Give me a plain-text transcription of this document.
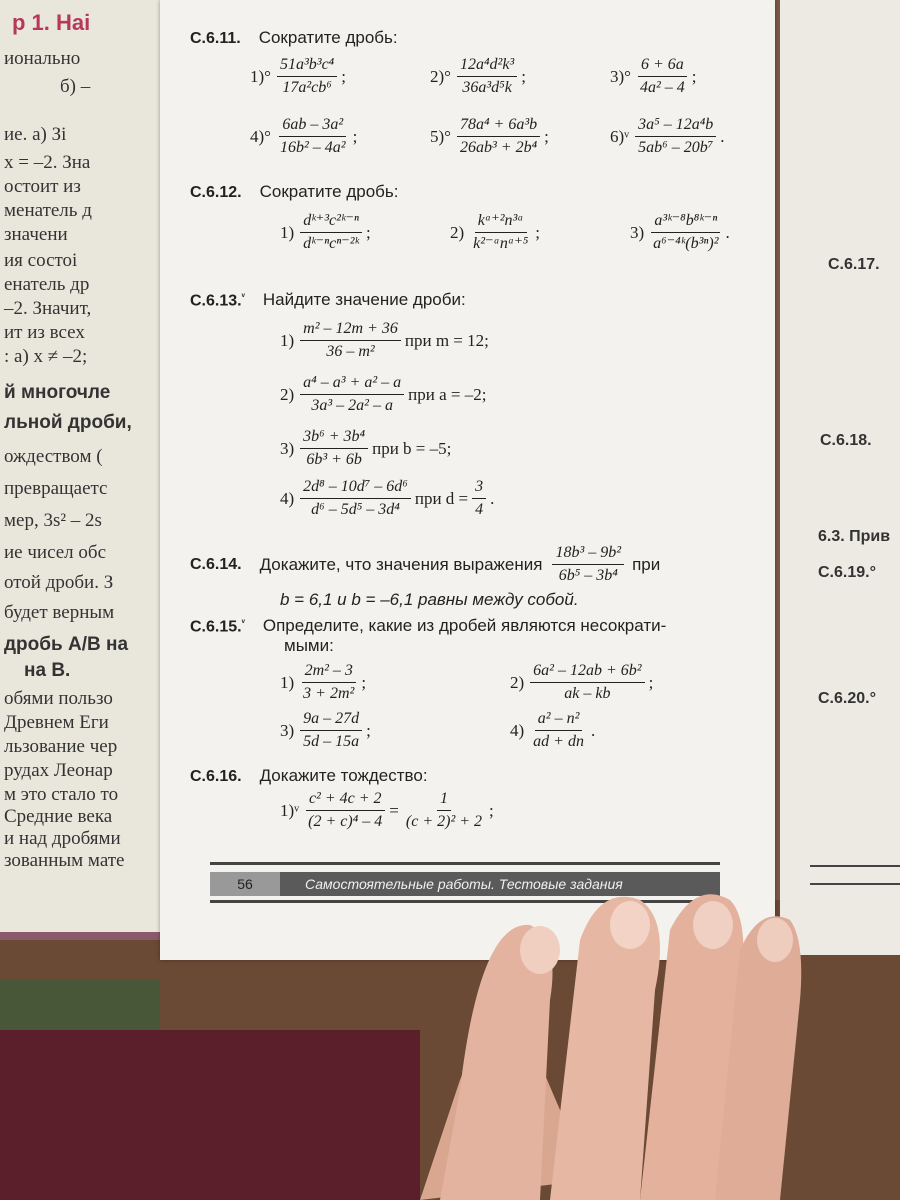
р 1. Наі
ионально
б) –
ие. а) Зі
x = –2. Зна
остоит из
менатель д
значени
ия состоі
енатель др
–2. Значит,
ит из всех
: а) x ≠ –2;
й многочле
льной дроби,
ождеством (
превращаетс
мер, 3s² – 2s
ие чисел обс
отой дроби. З
будет верным
дробь A/B на
на B.
обями пользо
Древнем Еги
льзование чер
рудах Леонар
м это стало то
Средние века
и над дробями
зованным мате
С.6.17.
С.6.18.
6.3. Прив
С.6.19.°
С.6.20.°
С.6.11. Сократите дробь:
$1)^\circ \frac{\text{51a³b³c⁴}}{\text{17a²cb⁶}}$ ;	$2)^\circ \frac{\text{12a⁴d²k³}}{\text{36a³d⁵k}}$ ;	$3)^\circ \frac{6 + 6a}{\text{4a² – 4}}$ ;
$4)^\circ \frac{\text{6ab – 3a²}}{\text{16b² – 4a²}}$ ;	$5)^\circ \frac{\text{78a⁴ + 6a³b}}{\text{26ab³ + 2b⁴}}$ ;	6)ᵛ $\frac{\text{3a⁵ – 12a⁴b}}{\text{5ab⁶ – 20b⁷}}$ .
С.6.12. Сократите дробь:
$1) \frac{\text{dᵏ⁺³c²ᵏ⁻ⁿ}}{\text{dᵏ⁻ⁿcⁿ⁻²ᵏ}}$ ;	$2) \frac{\text{kᵃ⁺²n³ᵃ}}{\text{k²⁻ᵃnᵃ⁺⁵}}$ ;	$3) \frac{\text{a³ᵏ⁻⁸b⁸ᵏ⁻ⁿ}}{\text{a⁶⁻⁴ᵏ(b³ⁿ)²}}$ .
С.6.13.$^ᵛ$ Найдите значение дроби:
$1) \frac{\text{m² – 12m + 36}}{\text{36 – m²}}$ при m = 12;
$2) \frac{\text{a⁴ – a³ + a² – a}}{\text{3a³ – 2a² – a}}$ при a = –2;
$3) \frac{\text{3b⁶ + 3b⁴}}{\text{6b³ + 6b}}$ при b = –5;
$4) \frac{\text{2d⁸ – 10d⁷ – 6d⁶}}{\text{d⁶ – 5d⁵ – 3d⁴}}$ при $d = \frac{3}{4}$ .
С.6.14. Докажите, что значения выражения $\frac{\text{18b³ – 9b²}}{\text{6b⁵ – 3b⁴}}$ при
b = 6,1 и b = –6,1 равны между собой.
С.6.15.$^ᵛ$ Определите, какие из дробей являются несократи-
мыми:
$1) \frac{\text{2m² – 3}}{\text{3 + 2m²}}$ ;	$2) \frac{\text{6a² – 12ab + 6b²}}{ak - kb}$ ;
$3) \frac{9a - 27d}{5d - 15a}$ ;	$4) \frac{\text{a² – n²}}{ad + dn}$ .
С.6.16. Докажите тождество:
1)ᵛ $\frac{\text{c² + 4c + 2}}{\text{(2 + c)⁴ – 4}} = \frac{1}{\text{(c + 2)² + 2}}$ ;
56	Самостоятельные работы. Тестовые задания
